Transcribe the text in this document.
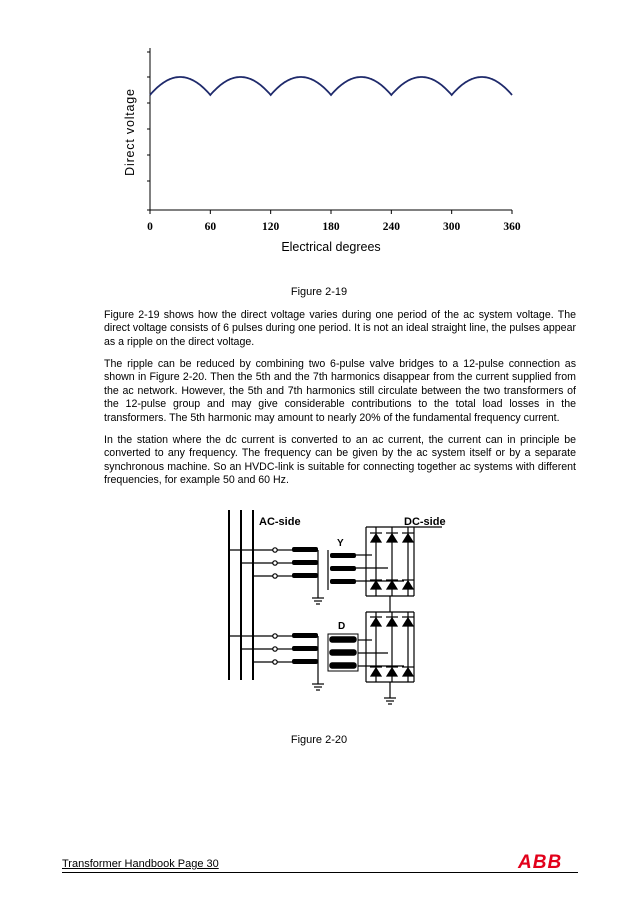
0	60	120	180	240	300	360
Direct voltage
Electrical degrees
Figure 2-19

Figure 2-19 shows how the direct voltage varies during one period of the ac system voltage. The direct voltage consists of 6 pulses during one period. It is not an ideal straight line, the pulses appear as a ripple on the direct voltage.

The ripple can be reduced by combining two 6-pulse valve bridges to a 12-pulse connection as shown in Figure 2-20. Then the 5th and the 7th harmonics disappear from the current supplied from the ac network. However, the 5th and 7th harmonics still circulate between the two transformers of the 12-pulse group and may give considerable contributions to the total load losses in the transformers. The 5th harmonic may amount to nearly 20% of the fundamental frequency current.

In the station where the dc current is converted to an ac current, the current can in principle be converted to any frequency. The frequency can be given by the ac system itself or by a separate synchronous machine. So an HVDC-link is suitable for connecting together ac systems with different frequencies, for example 50 and 60 Hz.

AC-side	DC-side
Y
D
Figure 2-20
Transformer Handbook Page 30	ABB
